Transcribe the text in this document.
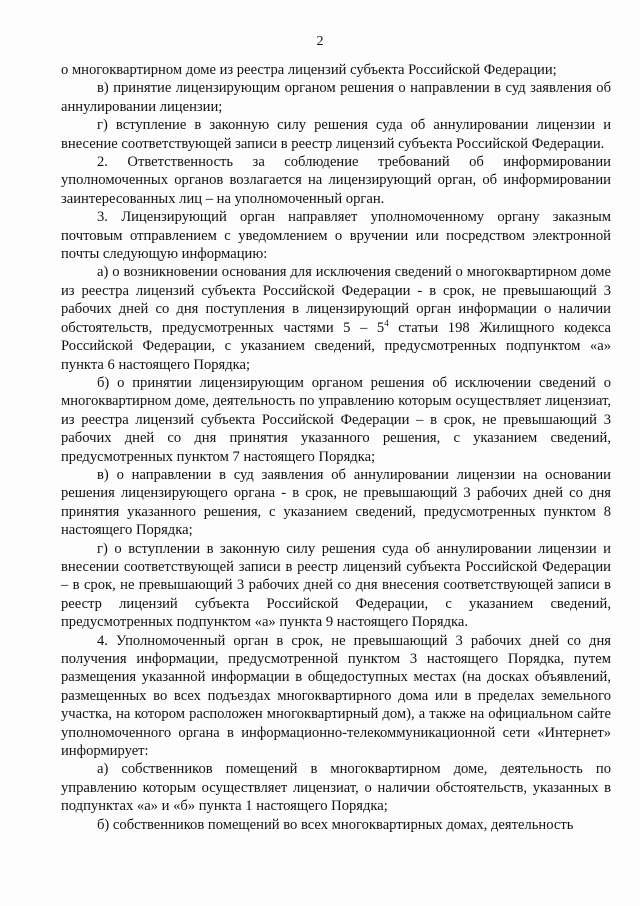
2

о многоквартирном доме из реестра лицензий субъекта Российской Федерации;

в) принятие лицензирующим органом решения о направлении в суд заявления об аннулировании лицензии;

г) вступление в законную силу решения суда об аннулировании лицензии и внесение соответствующей записи в реестр лицензий субъекта Российской Федерации.

2. Ответственность за соблюдение требований об информировании уполномоченных органов возлагается на лицензирующий орган, об информировании заинтересованных лиц – на уполномоченный орган.

3. Лицензирующий орган направляет уполномоченному органу заказным почтовым отправлением с уведомлением о вручении или посредством электронной почты следующую информацию:

а) о возникновении основания для исключения сведений о многоквартирном доме из реестра лицензий субъекта Российской Федерации - в срок, не превышающий 3 рабочих дней со дня поступления в лицензирующий орган информации о наличии обстоятельств, предусмотренных частями $5 - 5^4$ статьи 198 Жилищного кодекса Российской Федерации, с указанием сведений, предусмотренных подпунктом «а» пункта 6 настоящего Порядка;

б) о принятии лицензирующим органом решения об исключении сведений о многоквартирном доме, деятельность по управлению которым осуществляет лицензиат, из реестра лицензий субъекта Российской Федерации – в срок, не превышающий 3 рабочих дней со дня принятия указанного решения, с указанием сведений, предусмотренных пунктом 7 настоящего Порядка;

в) о направлении в суд заявления об аннулировании лицензии на основании решения лицензирующего органа - в срок, не превышающий 3 рабочих дней со дня принятия указанного решения, с указанием сведений, предусмотренных пунктом 8 настоящего Порядка;

г) о вступлении в законную силу решения суда об аннулировании лицензии и внесении соответствующей записи в реестр лицензий субъекта Российской Федерации – в срок, не превышающий 3 рабочих дней со дня внесения соответствующей записи в реестр лицензий субъекта Российской Федерации, с указанием сведений, предусмотренных подпунктом «а» пункта 9 настоящего Порядка.

4. Уполномоченный орган в срок, не превышающий 3 рабочих дней со дня получения информации, предусмотренной пунктом 3 настоящего Порядка, путем размещения указанной информации в общедоступных местах (на досках объявлений, размещенных во всех подъездах многоквартирного дома или в пределах земельного участка, на котором расположен многоквартирный дом), а также на официальном сайте уполномоченного органа в информационно-телекоммуникационной сети «Интернет» информирует:

а) собственников помещений в многоквартирном доме, деятельность по управлению которым осуществляет лицензиат, о наличии обстоятельств, указанных в подпунктах «а» и «б» пункта 1 настоящего Порядка;

б) собственников помещений во всех многоквартирных домах, деятельность
